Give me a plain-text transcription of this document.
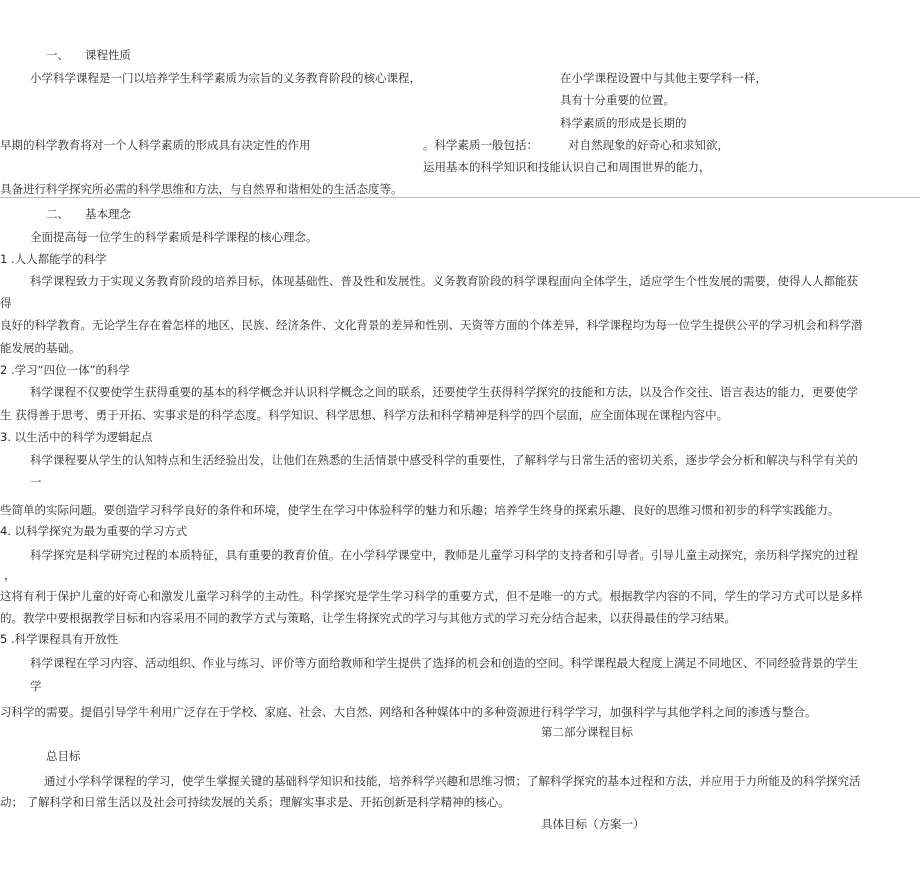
一、 课程性质
小学科学课程是一门以培养学生科学素质为宗旨的义务教育阶段的核心课程，	在小学课程设置中与其他主要学科一样，
具有十分重要的位置。
科学素质的形成是长期的
早期的科学教育将对一个人科学素质的形成具有决定性的作用	。科学素质一般包括：	对自然现象的好奇心和求知欲，
运用基本的科学知识和技能认识自己和周围世界的能力，
具备进行科学探究所必需的科学思维和方法，与自然界和谐相处的生活态度等。
二、 基本理念
全面提高每一位学生的科学素质是科学课程的核心理念。
1 .人人都能学的科学
科学课程致力于实现义务教育阶段的培养目标，体现基础性、普及性和发展性。义务教育阶段的科学课程面向全体学生，适应学生个性发展的需要，使得人人都能获
得
良好的科学教育。无论学生存在着怎样的地区、民族、经济条件、文化背景的差异和性别、天资等方面的个体差异，科学课程均为每一位学生提供公平的学习机会和科学潜
能发展的基础。
2 .学习“四位一体”的科学
科学课程不仅要使学生获得重要的基本的科学概念并认识科学概念之间的联系，还要使学生获得科学探究的技能和方法，以及合作交往、语言表达的能力，更要使学
生 获得善于思考、勇于开拓、实事求是的科学态度。科学知识、科学思想、科学方法和科学精神是科学的四个层面，应全面体现在课程内容中。
3. 以生活中的科学为逻辑起点
科学课程要从学生的认知特点和生活经验出发，让他们在熟悉的生活情景中感受科学的重要性，了解科学与日常生活的密切关系，逐步学会分析和解决与科学有关的
一
些简单的实际问题。要创造学习科学良好的条件和环境，使学生在学习中体验科学的魅力和乐趣；培养学生终身的探索乐趣、良好的思维习惯和初步的科学实践能力。
4. 以科学探究为最为重要的学习方式
科学探究是科学研究过程的本质特征，具有重要的教育价值。在小学科学课堂中，教师是儿童学习科学的支持者和引导者。引导儿童主动探究，亲历科学探究的过程
，
这将有利于保护儿童的好奇心和激发儿童学习科学的主动性。科学探究是学生学习科学的重要方式，但不是唯一的方式。根据教学内容的不同，学生的学习方式可以是多样
的。教学中要根据教学目标和内容采用不同的教学方式与策略，让学生将探究式的学习与其他方式的学习充分结合起来，以获得最佳的学习结果。
5 .科学课程具有开放性
科学课程在学习内容、活动组织、作业与练习、评价等方面给教师和学生提供了选择的机会和创造的空间。科学课程最大程度上满足不同地区、不同经验背景的学生
学
习科学的需要。提倡引导学牛利用广泛存在于学校、家庭、社会、大自然、网络和各种媒体中的多种资源进行科学学习，加强科学与其他学科之间的渗透与整合。
第二部分课程目标
总目标
通过小学科学课程的学习，使学生掌握关键的基础科学知识和技能，培养科学兴趣和思维习惯；了解科学探究的基本过程和方法，并应用于力所能及的科学探究活
动； 了解科学和日常生活以及社会可持续发展的关系；理解实事求是、开拓创新是科学精神的核心。
具体目标（方案一）
